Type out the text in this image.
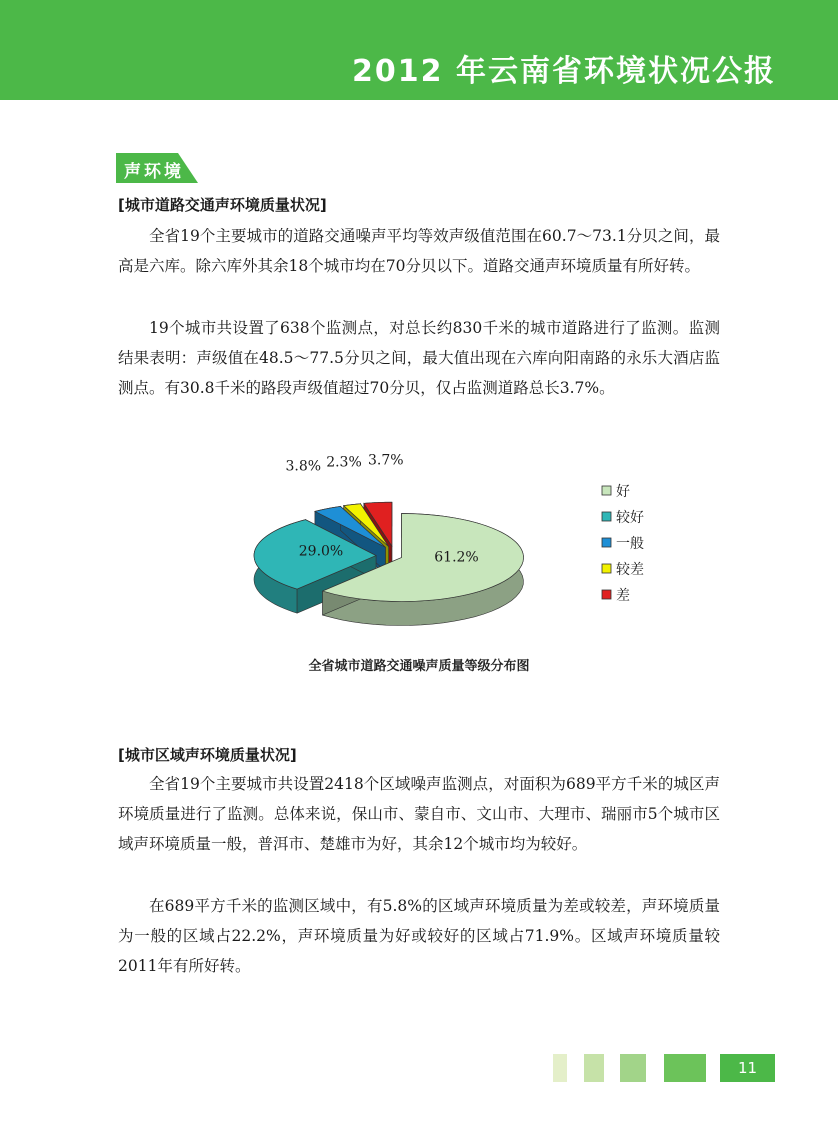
2012 年云南省环境状况公报
声环境
[城市道路交通声环境质量状况]

全省19个主要城市的道路交通噪声平均等效声级值范围在60.7～73.1分贝之间，最高是六库。除六库外其余18个城市均在70分贝以下。道路交通声环境质量有所好转。

19个城市共设置了638个监测点，对总长约830千米的城市道路进行了监测。监测结果表明：声级值在48.5～77.5分贝之间，最大值出现在六库向阳南路的永乐大酒店监测点。有30.8千米的路段声级值超过70分贝，仅占监测道路总长3.7%。

61.2%
29.0%
3.8% 2.3% 3.7%
好
较好
一般
较差
差
全省城市道路交通噪声质量等级分布图
[城市区域声环境质量状况]

全省19个主要城市共设置2418个区域噪声监测点，对面积为689平方千米的城区声环境质量进行了监测。总体来说，保山市、蒙自市、文山市、大理市、瑞丽市5个城市区域声环境质量一般，普洱市、楚雄市为好，其余12个城市均为较好。

在689平方千米的监测区域中，有5.8%的区域声环境质量为差或较差，声环境质量为一般的区域占22.2%，声环境质量为好或较好的区域占71.9%。区域声环境质量较2011年有所好转。

11
